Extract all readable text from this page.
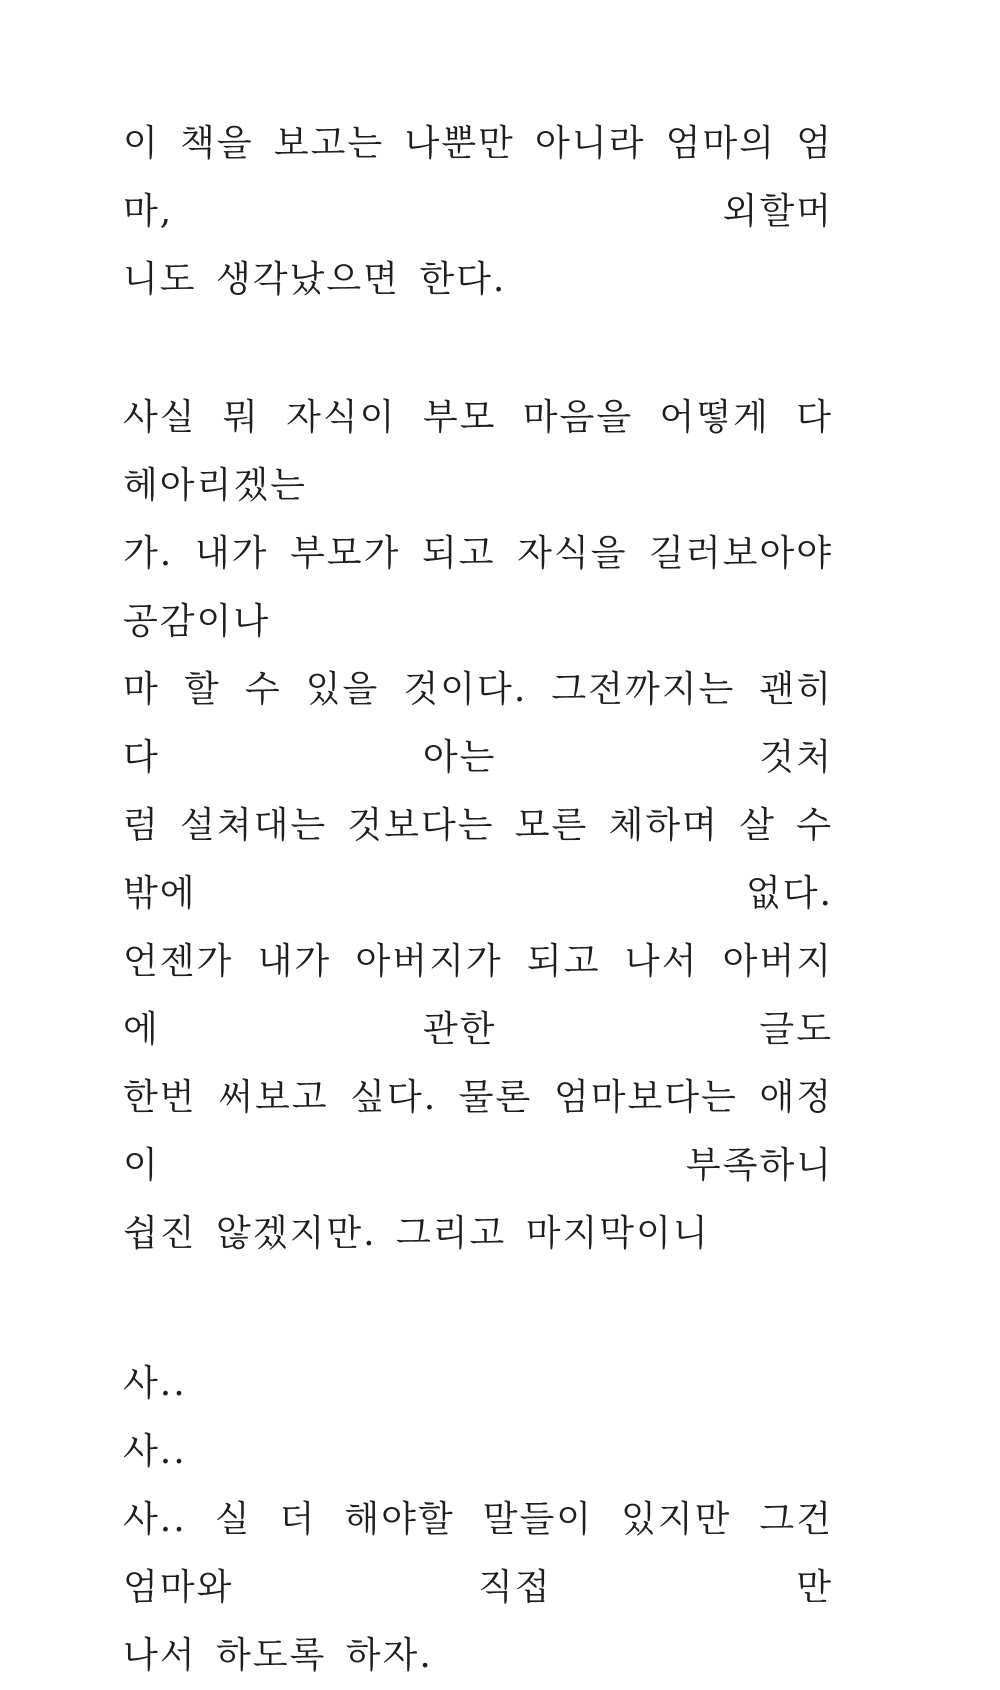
이 책을 보고는 나뿐만 아니라 엄마의 엄마, 외할머
니도 생각났으면 한다.
사실 뭐 자식이 부모 마음을 어떻게 다 헤아리겠는
가. 내가 부모가 되고 자식을 길러보아야 공감이나
마 할 수 있을 것이다. 그전까지는 괜히 다 아는 것처
럼 설쳐대는 것보다는 모른 체하며 살 수밖에 없다.
언젠가 내가 아버지가 되고 나서 아버지에 관한 글도
한번 써보고 싶다. 물론 엄마보다는 애정이 부족하니
쉽진 않겠지만. 그리고 마지막이니
사..
사..
사.. 실 더 해야할 말들이 있지만 그건 엄마와 직접 만
나서 하도록 하자.
